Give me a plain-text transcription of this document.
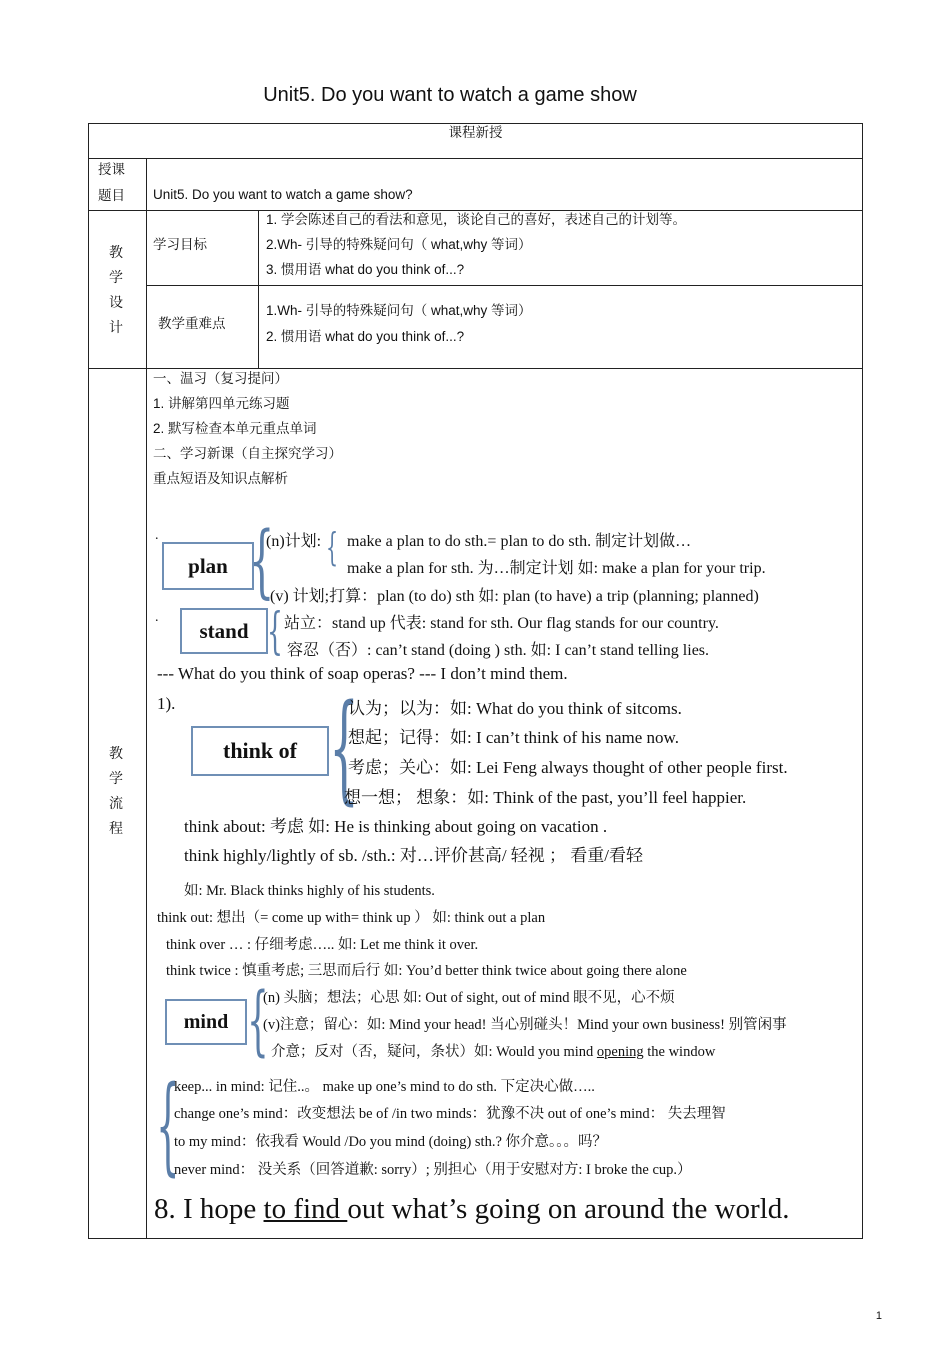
Unit5. Do you want to watch a game show
课程新授
授课题目	Unit5. Do you want to watch a game show?
教
学
设
计
学习目标
1. 学会陈述自己的看法和意见，谈论自己的喜好，表述自己的计划等。
2.Wh- 引导的特殊疑问句（ what,why 等词）
3. 惯用语 what do you think of...?
教学重难点
1.Wh- 引导的特殊疑问句（ what,why 等词）
2. 惯用语 what do you think of...?
教
学
流
程
一、温习（复习提问）
1. 讲解第四单元练习题
2. 默写检查本单元重点单词
二、学习新课（自主探究学习）
重点短语及知识点解析
.
plan {
(n)计划: { make a plan to do sth.= plan to do sth. 制定计划做…
make a plan for sth. 为…制定计划 如: make a plan for your trip.
(v) 计划;打算：plan (to do) sth 如: plan (to have) a trip (planning; planned)
.
stand { 站立：stand up 代表: stand for sth. Our flag stands for our country.
容忍（否）: can’t stand (doing ) sth. 如: I can’t stand telling lies.
--- What do you think of soap operas? --- I don’t mind them.
1).
think of {
认为；以为：如: What do you think of sitcoms.
想起；记得：如: I can’t think of his name now.
考虑；关心：如: Lei Feng always thought of other people first.
想一想； 想象：如: Think of the past, you’ll feel happier.
think about: 考虑 如: He is thinking about going on vacation .
think highly/lightly of sb. /sth.: 对…评价甚高/ 轻视 ； 看重/看轻
如: Mr. Black thinks highly of his students.
think out: 想出（= come up with= think up ） 如: think out a plan
think over … : 仔细考虑….. 如: Let me think it over.
think twice : 慎重考虑; 三思而后行 如: You’d better think twice about going there alone
mind {
(n) 头脑；想法；心思 如: Out of sight, out of mind 眼不见，心不烦
(v)注意；留心：如: Mind your head! 当心别碰头！Mind your own business! 别管闲事
介意；反对（否，疑问，条状）如: Would you mind opening the window
{
keep... in mind: 记住..。 make up one’s mind to do sth. 下定决心做…..
change one’s mind：改变想法 be of /in two minds：犹豫不决 out of one’s mind： 失去理智
to my mind：依我看 Would /Do you mind (doing) sth.? 你介意。。。吗？
never mind： 没关系（回答道歉: sorry）; 别担心（用于安慰对方: I broke the cup.）
8. I hope to find out what’s going on around the world.
1
